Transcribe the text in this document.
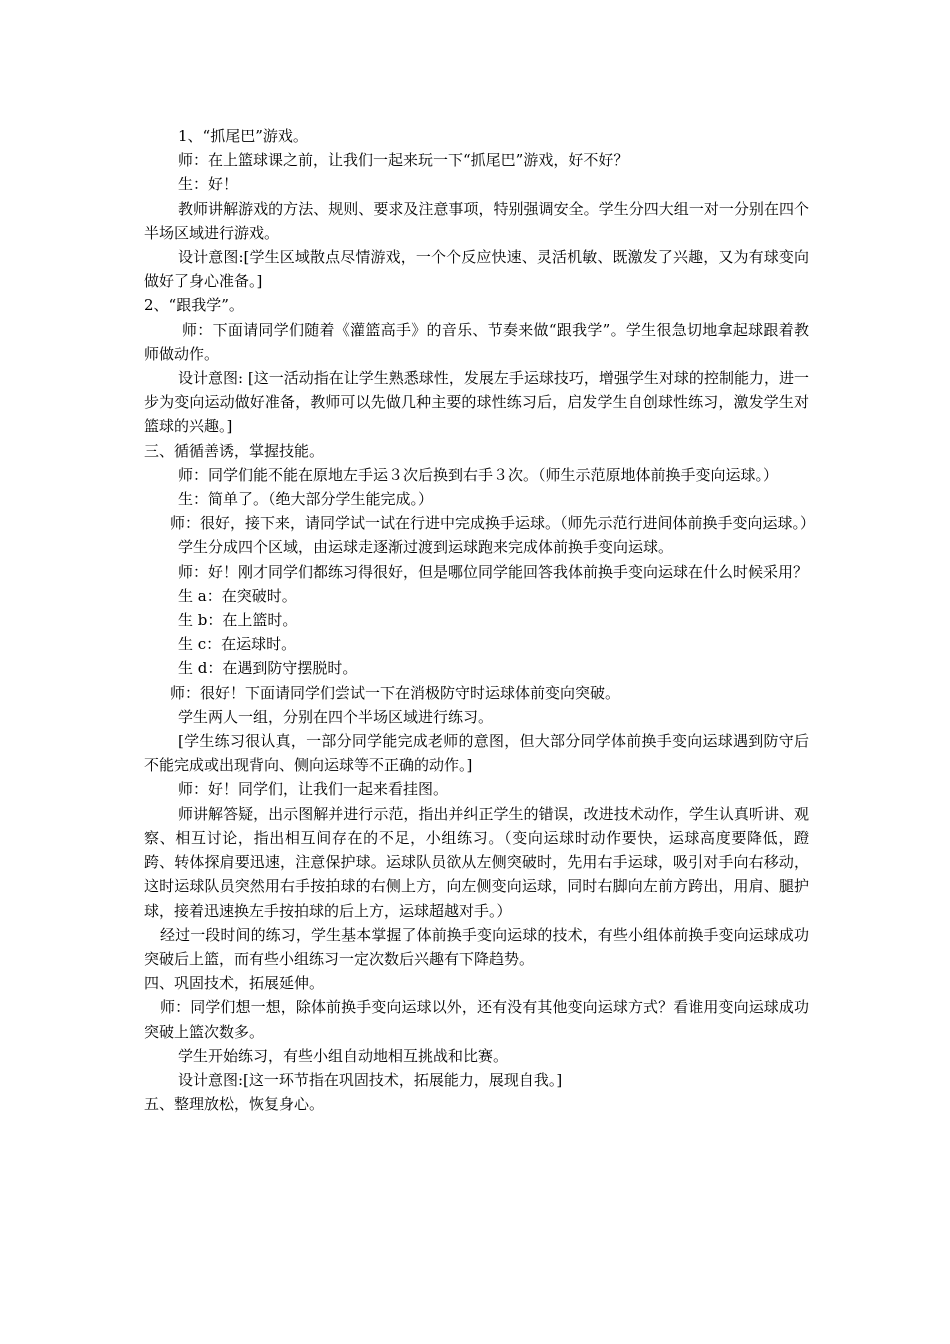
1、“抓尾巴”游戏。

师：在上篮球课之前，让我们一起来玩一下“抓尾巴”游戏，好不好？

生：好！

教师讲解游戏的方法、规则、要求及注意事项，特别强调安全。学生分四大组一对一分别在四个半场区域进行游戏。

设计意图:[学生区域散点尽情游戏，一个个反应快速、灵活机敏、既激发了兴趣，又为有球变向做好了身心准备。]

2、“跟我学”。

师：下面请同学们随着《灌篮高手》的音乐、节奏来做“跟我学”。学生很急切地拿起球跟着教师做动作。

设计意图: [这一活动指在让学生熟悉球性，发展左手运球技巧，增强学生对球的控制能力，进一步为变向运动做好准备，教师可以先做几种主要的球性练习后，启发学生自创球性练习，激发学生对篮球的兴趣。]

三、循循善诱，掌握技能。

师：同学们能不能在原地左手运３次后换到右手３次。（师生示范原地体前换手变向运球。）

生：简单了。（绝大部分学生能完成。）

师：很好，接下来，请同学试一试在行进中完成换手运球。（师先示范行进间体前换手变向运球。）

学生分成四个区域，由运球走逐渐过渡到运球跑来完成体前换手变向运球。

师：好！刚才同学们都练习得很好，但是哪位同学能回答我体前换手变向运球在什么时候采用？

生 a：在突破时。

生 b：在上篮时。

生 c：在运球时。

生 d：在遇到防守摆脱时。

师：很好！下面请同学们尝试一下在消极防守时运球体前变向突破。

学生两人一组，分别在四个半场区域进行练习。

[学生练习很认真，一部分同学能完成老师的意图，但大部分同学体前换手变向运球遇到防守后不能完成或出现背向、侧向运球等不正确的动作。]

师：好！同学们，让我们一起来看挂图。

师讲解答疑，出示图解并进行示范，指出并纠正学生的错误，改进技术动作，学生认真听讲、观察、相互讨论，指出相互间存在的不足，小组练习。（变向运球时动作要快，运球高度要降低，蹬跨、转体探肩要迅速，注意保护球。运球队员欲从左侧突破时，先用右手运球，吸引对手向右移动，这时运球队员突然用右手按拍球的右侧上方，向左侧变向运球，同时右脚向左前方跨出，用肩、腿护球，接着迅速换左手按拍球的后上方，运球超越对手。）

经过一段时间的练习，学生基本掌握了体前换手变向运球的技术，有些小组体前换手变向运球成功突破后上篮，而有些小组练习一定次数后兴趣有下降趋势。

四、巩固技术，拓展延伸。

师：同学们想一想，除体前换手变向运球以外，还有没有其他变向运球方式？看谁用变向运球成功突破上篮次数多。

学生开始练习，有些小组自动地相互挑战和比赛。

设计意图:[这一环节指在巩固技术，拓展能力，展现自我。]

五、整理放松，恢复身心。
